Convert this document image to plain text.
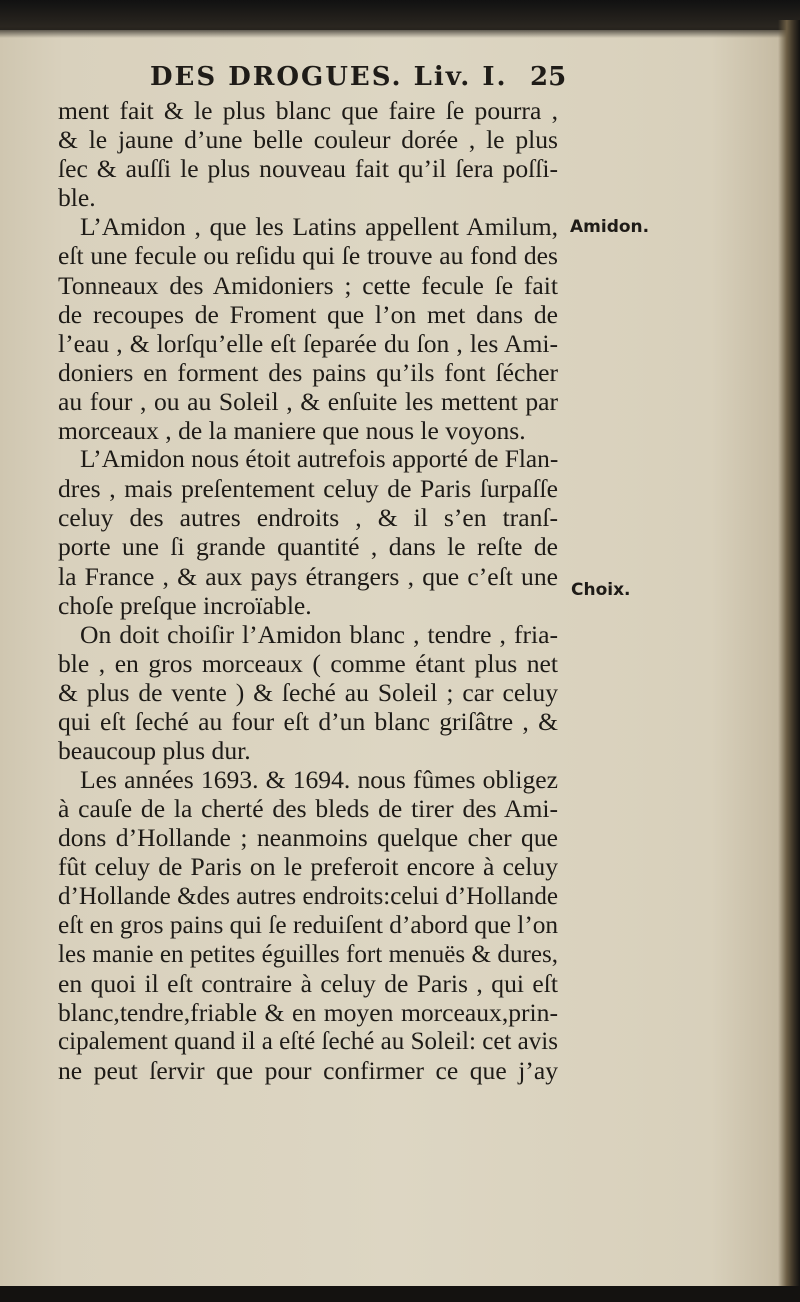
DES DROGUES. Liv. I. 25
Amidon.
Choix.
ment fait & le plus blanc que faire ſe pourra ,
& le jaune d’une belle couleur dorée , le plus
ſec & auſſi le plus nouveau fait qu’il ſera poſſi-
ble.
L’Amidon , que les Latins appellent Amilum,
eſt une fecule ou reſidu qui ſe trouve au fond des
Tonneaux des Amidoniers ; cette fecule ſe fait
de recoupes de Froment que l’on met dans de
l’eau , & lorſqu’elle eſt ſeparée du ſon , les Ami-
doniers en forment des pains qu’ils font ſécher
au four , ou au Soleil , & enſuite les mettent par
morceaux , de la maniere que nous le voyons.
L’Amidon nous étoit autrefois apporté de Flan-
dres , mais preſentement celuy de Paris ſurpaſſe
celuy des autres endroits , & il s’en tranſ-
porte une ſi grande quantité , dans le reſte de
la France , & aux pays étrangers , que c’eſt une
choſe preſque incroïable.
On doit choiſir l’Amidon blanc , tendre , fria-
ble , en gros morceaux ( comme étant plus net
& plus de vente ) & ſeché au Soleil ; car celuy
qui eſt ſeché au four eſt d’un blanc griſâtre , &
beaucoup plus dur.
Les années 1693. & 1694. nous fûmes obligez
à cauſe de la cherté des bleds de tirer des Ami-
dons d’Hollande ; neanmoins quelque cher que
fût celuy de Paris on le preferoit encore à celuy
d’Hollande &des autres endroits:celui d’Hollande
eſt en gros pains qui ſe reduiſent d’abord que l’on
les manie en petites éguilles fort menuës & dures,
en quoi il eſt contraire à celuy de Paris , qui eſt
blanc,tendre,friable & en moyen morceaux,prin-
cipalement quand il a eſté ſeché au Soleil: cet avis
ne peut ſervir que pour confirmer ce que j’ay
